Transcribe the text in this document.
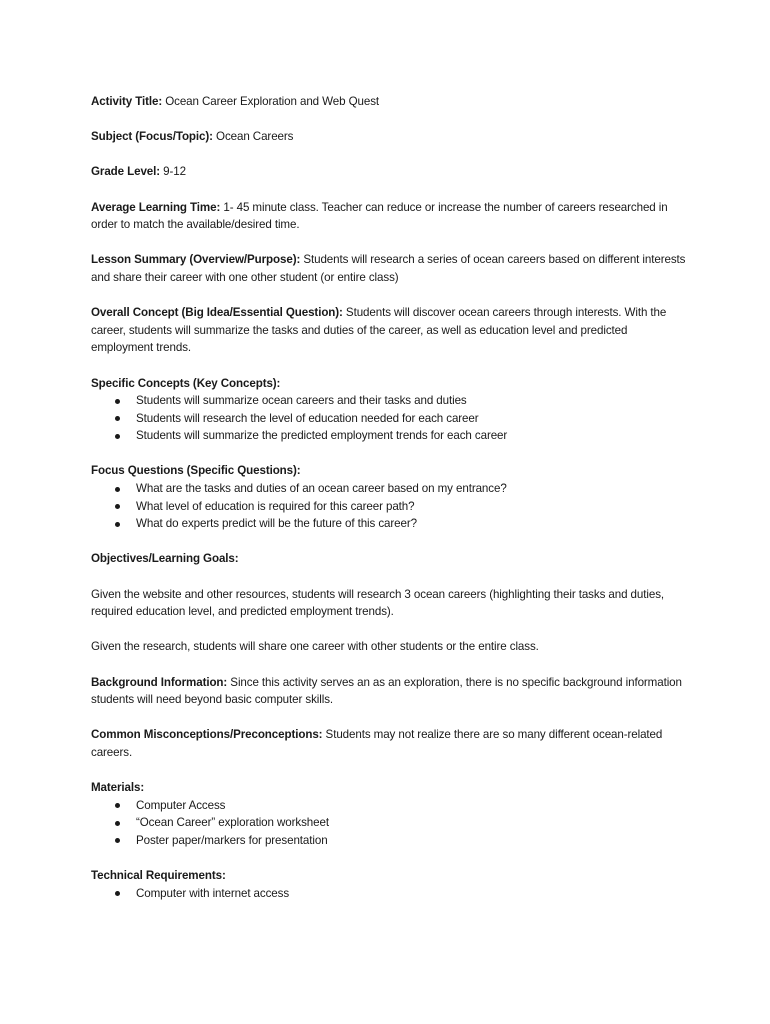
Activity Title: Ocean Career Exploration and Web Quest

Subject (Focus/Topic): Ocean Careers

Grade Level: 9-12

Average Learning Time: 1- 45 minute class. Teacher can reduce or increase the number of careers researched in order to match the available/desired time.

Lesson Summary (Overview/Purpose): Students will research a series of ocean careers based on different interests and share their career with one other student (or entire class)

Overall Concept (Big Idea/Essential Question): Students will discover ocean careers through interests. With the career, students will summarize the tasks and duties of the career, as well as education level and predicted employment trends.

Specific Concepts (Key Concepts):
Students will summarize ocean careers and their tasks and duties
Students will research the level of education needed for each career
Students will summarize the predicted employment trends for each career
Focus Questions (Specific Questions):
What are the tasks and duties of an ocean career based on my entrance?
What level of education is required for this career path?
What do experts predict will be the future of this career?
Objectives/Learning Goals:

Given the website and other resources, students will research 3 ocean careers (highlighting their tasks and duties, required education level, and predicted employment trends).

Given the research, students will share one career with other students or the entire class.

Background Information: Since this activity serves an as an exploration, there is no specific background information students will need beyond basic computer skills.

Common Misconceptions/Preconceptions: Students may not realize there are so many different ocean-related careers.

Materials:
Computer Access
“Ocean Career” exploration worksheet
Poster paper/markers for presentation
Technical Requirements:
Computer with internet access
